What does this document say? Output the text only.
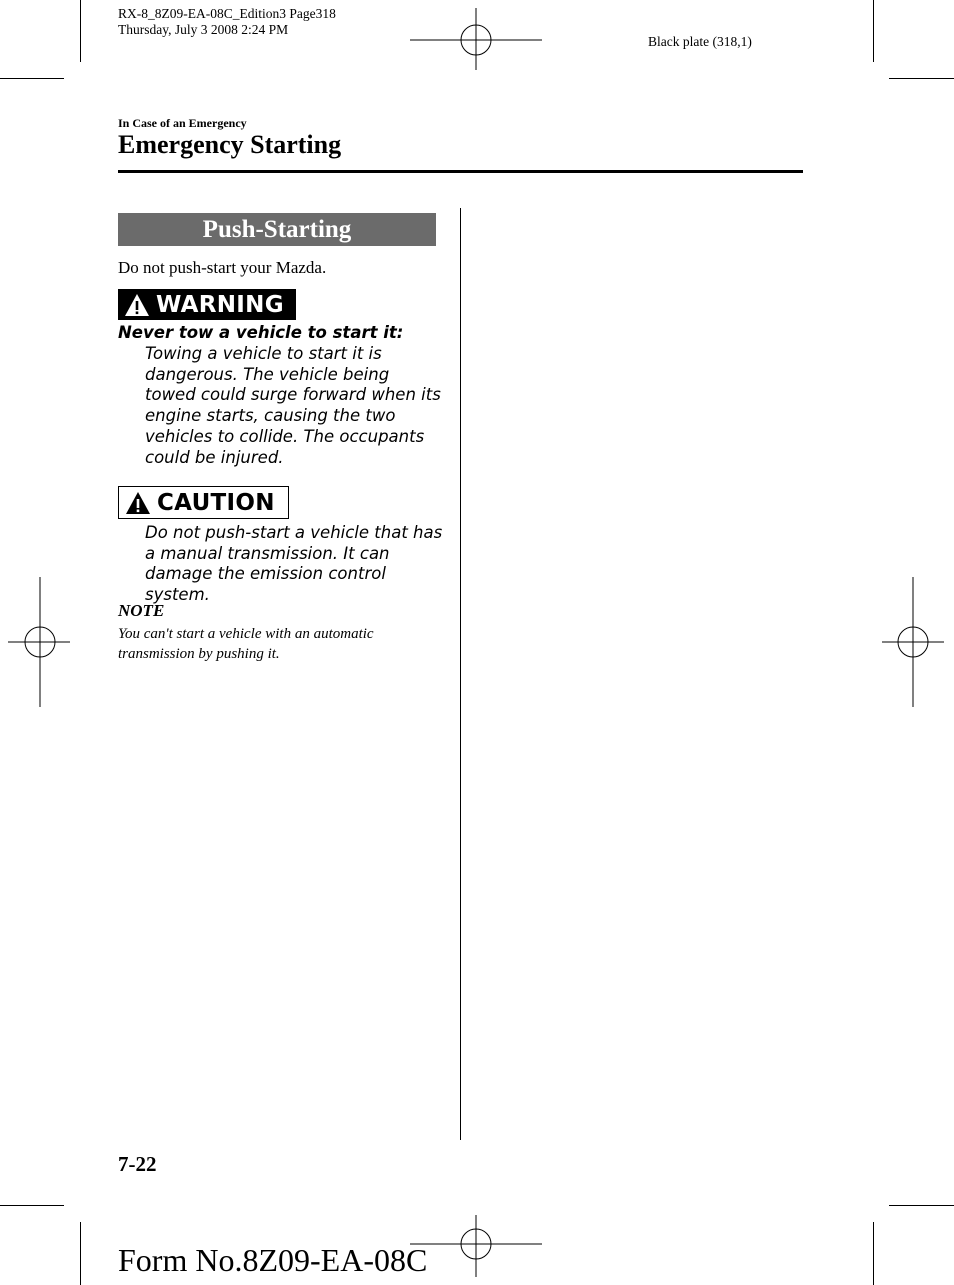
RX-8_8Z09-EA-08C_Edition3 Page318
Thursday, July 3 2008 2:24 PM
Black plate (318,1)
In Case of an Emergency
Emergency Starting
Push-Starting
Do not push-start your Mazda.
WARNING
Never tow a vehicle to start it:
Towing a vehicle to start it is dangerous. The vehicle being towed could surge forward when its engine starts, causing the two vehicles to collide. The occupants could be injured.
CAUTION
Do not push-start a vehicle that has a manual transmission. It can damage the emission control system.
NOTE
You can't start a vehicle with an automatic transmission by pushing it.
7-22
Form No.8Z09-EA-08C
